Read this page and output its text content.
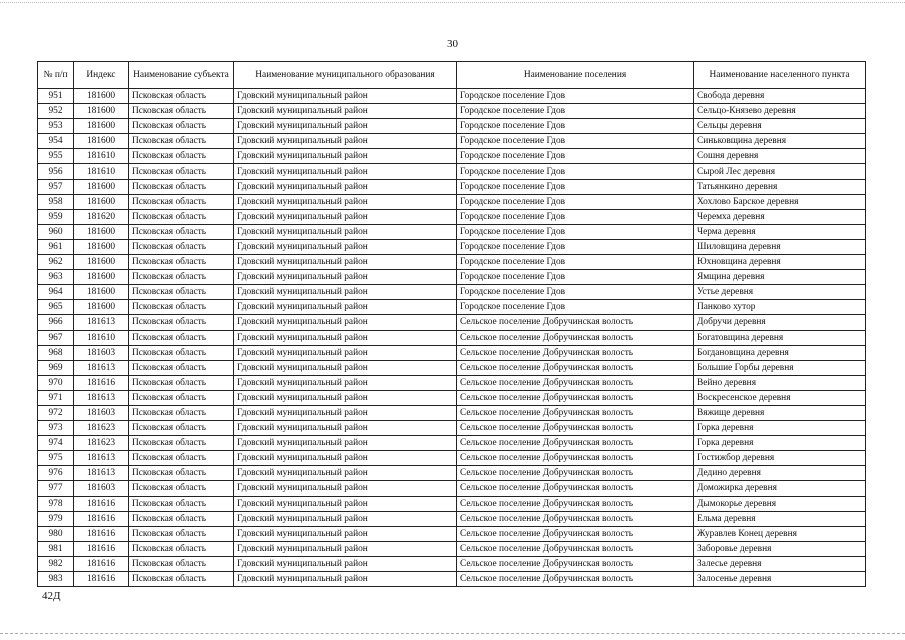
30
№ п/п	Индекс	Наименование субъекта	Наименование муниципального образования	Наименование поселения	Наименование населенного пункта
951	181600	Псковская область	Гдовский муниципальный район	Городское поселение Гдов	Свобода деревня
952	181600	Псковская область	Гдовский муниципальный район	Городское поселение Гдов	Сельцо-Князево деревня
953	181600	Псковская область	Гдовский муниципальный район	Городское поселение Гдов	Сельцы деревня
954	181600	Псковская область	Гдовский муниципальный район	Городское поселение Гдов	Синьковщина деревня
955	181610	Псковская область	Гдовский муниципальный район	Городское поселение Гдов	Сошня деревня
956	181610	Псковская область	Гдовский муниципальный район	Городское поселение Гдов	Сырой Лес деревня
957	181600	Псковская область	Гдовский муниципальный район	Городское поселение Гдов	Татьянкино деревня
958	181600	Псковская область	Гдовский муниципальный район	Городское поселение Гдов	Хохлово Барское деревня
959	181620	Псковская область	Гдовский муниципальный район	Городское поселение Гдов	Черемха деревня
960	181600	Псковская область	Гдовский муниципальный район	Городское поселение Гдов	Черма деревня
961	181600	Псковская область	Гдовский муниципальный район	Городское поселение Гдов	Шиловщина деревня
962	181600	Псковская область	Гдовский муниципальный район	Городское поселение Гдов	Юхновщина деревня
963	181600	Псковская область	Гдовский муниципальный район	Городское поселение Гдов	Ямщина деревня
964	181600	Псковская область	Гдовский муниципальный район	Городское поселение Гдов	Устье деревня
965	181600	Псковская область	Гдовский муниципальный район	Городское поселение Гдов	Панково хутор
966	181613	Псковская область	Гдовский муниципальный район	Сельское поселение Добручинская волость	Добручи деревня
967	181610	Псковская область	Гдовский муниципальный район	Сельское поселение Добручинская волость	Богатовщина деревня
968	181603	Псковская область	Гдовский муниципальный район	Сельское поселение Добручинская волость	Богдановщина деревня
969	181613	Псковская область	Гдовский муниципальный район	Сельское поселение Добручинская волость	Большие Горбы деревня
970	181616	Псковская область	Гдовский муниципальный район	Сельское поселение Добручинская волость	Вейно деревня
971	181613	Псковская область	Гдовский муниципальный район	Сельское поселение Добручинская волость	Воскресенское деревня
972	181603	Псковская область	Гдовский муниципальный район	Сельское поселение Добручинская волость	Вяжище деревня
973	181623	Псковская область	Гдовский муниципальный район	Сельское поселение Добручинская волость	Горка деревня
974	181623	Псковская область	Гдовский муниципальный район	Сельское поселение Добручинская волость	Горка деревня
975	181613	Псковская область	Гдовский муниципальный район	Сельское поселение Добручинская волость	Гостижбор деревня
976	181613	Псковская область	Гдовский муниципальный район	Сельское поселение Добручинская волость	Дедино деревня
977	181603	Псковская область	Гдовский муниципальный район	Сельское поселение Добручинская волость	Доможирка деревня
978	181616	Псковская область	Гдовский муниципальный район	Сельское поселение Добручинская волость	Дымокорье деревня
979	181616	Псковская область	Гдовский муниципальный район	Сельское поселение Добручинская волость	Ельма деревня
980	181616	Псковская область	Гдовский муниципальный район	Сельское поселение Добручинская волость	Журавлев Конец деревня
981	181616	Псковская область	Гдовский муниципальный район	Сельское поселение Добручинская волость	Заборовье деревня
982	181616	Псковская область	Гдовский муниципальный район	Сельское поселение Добручинская волость	Залесье деревня
983	181616	Псковская область	Гдовский муниципальный район	Сельское поселение Добручинская волость	Залосенье деревня
42Д
